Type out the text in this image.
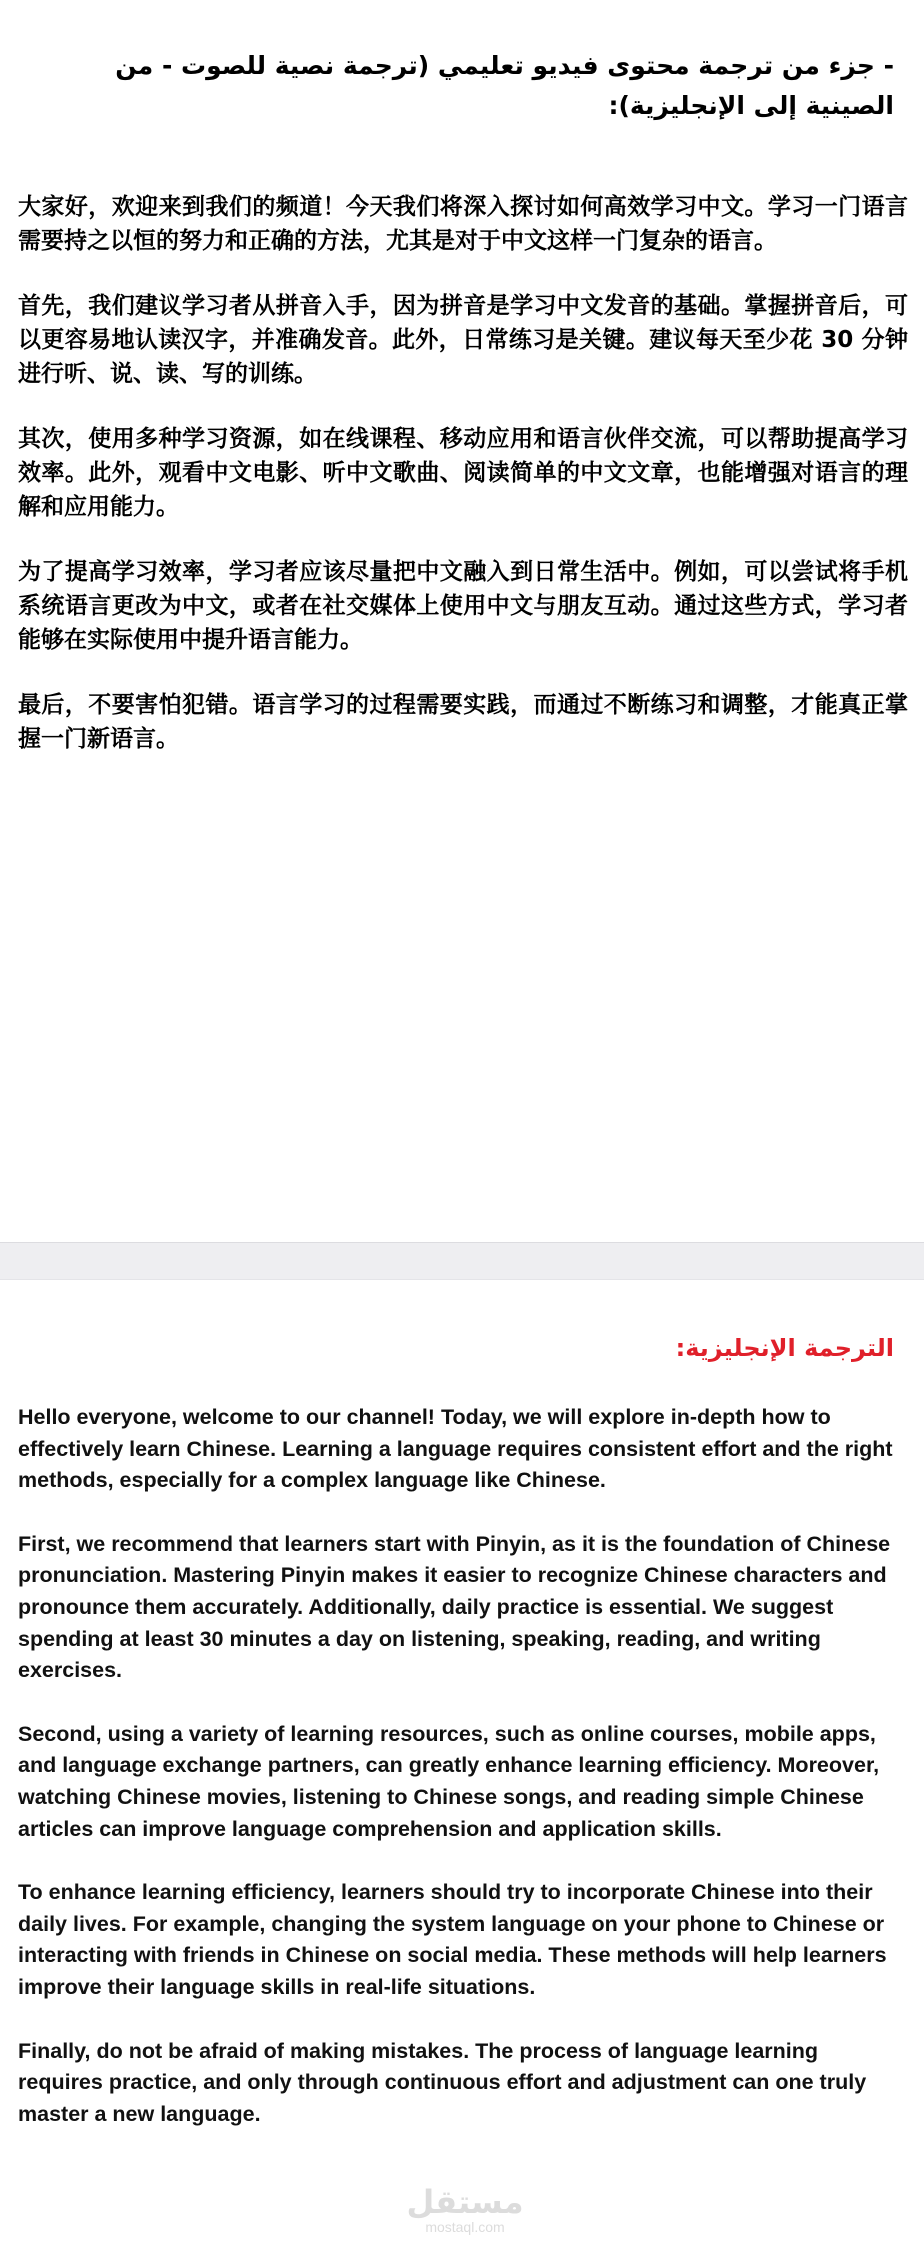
- جزء من ترجمة محتوى فيديو تعليمي (ترجمة نصية للصوت - من الصينية إلى الإنجليزية):

大家好，欢迎来到我们的频道！今天我们将深入探讨如何高效学习中文。学习一门语言需要持之以恒的努力和正确的方法，尤其是对于中文这样一门复杂的语言。

首先，我们建议学习者从拼音入手，因为拼音是学习中文发音的基础。掌握拼音后，可以更容易地认读汉字，并准确发音。此外，日常练习是关键。建议每天至少花 30 分钟进行听、说、读、写的训练。

其次，使用多种学习资源，如在线课程、移动应用和语言伙伴交流，可以帮助提高学习效率。此外，观看中文电影、听中文歌曲、阅读简单的中文文章，也能增强对语言的理解和应用能力。

为了提高学习效率，学习者应该尽量把中文融入到日常生活中。例如，可以尝试将手机系统语言更改为中文，或者在社交媒体上使用中文与朋友互动。通过这些方式，学习者能够在实际使用中提升语言能力。

最后，不要害怕犯错。语言学习的过程需要实践，而通过不断练习和调整，才能真正掌握一门新语言。

الترجمة الإنجليزية:

Hello everyone, welcome to our channel! Today, we will explore in-depth how to effectively learn Chinese. Learning a language requires consistent effort and the right methods, especially for a complex language like Chinese.

First, we recommend that learners start with Pinyin, as it is the foundation of Chinese pronunciation. Mastering Pinyin makes it easier to recognize Chinese characters and pronounce them accurately. Additionally, daily practice is essential. We suggest spending at least 30 minutes a day on listening, speaking, reading, and writing exercises.

Second, using a variety of learning resources, such as online courses, mobile apps, and language exchange partners, can greatly enhance learning efficiency. Moreover, watching Chinese movies, listening to Chinese songs, and reading simple Chinese articles can improve language comprehension and application skills.

To enhance learning efficiency, learners should try to incorporate Chinese into their daily lives. For example, changing the system language on your phone to Chinese or interacting with friends in Chinese on social media. These methods will help learners improve their language skills in real-life situations.

Finally, do not be afraid of making mistakes. The process of language learning requires practice, and only through continuous effort and adjustment can one truly master a new language.

مستقل
mostaql.com
